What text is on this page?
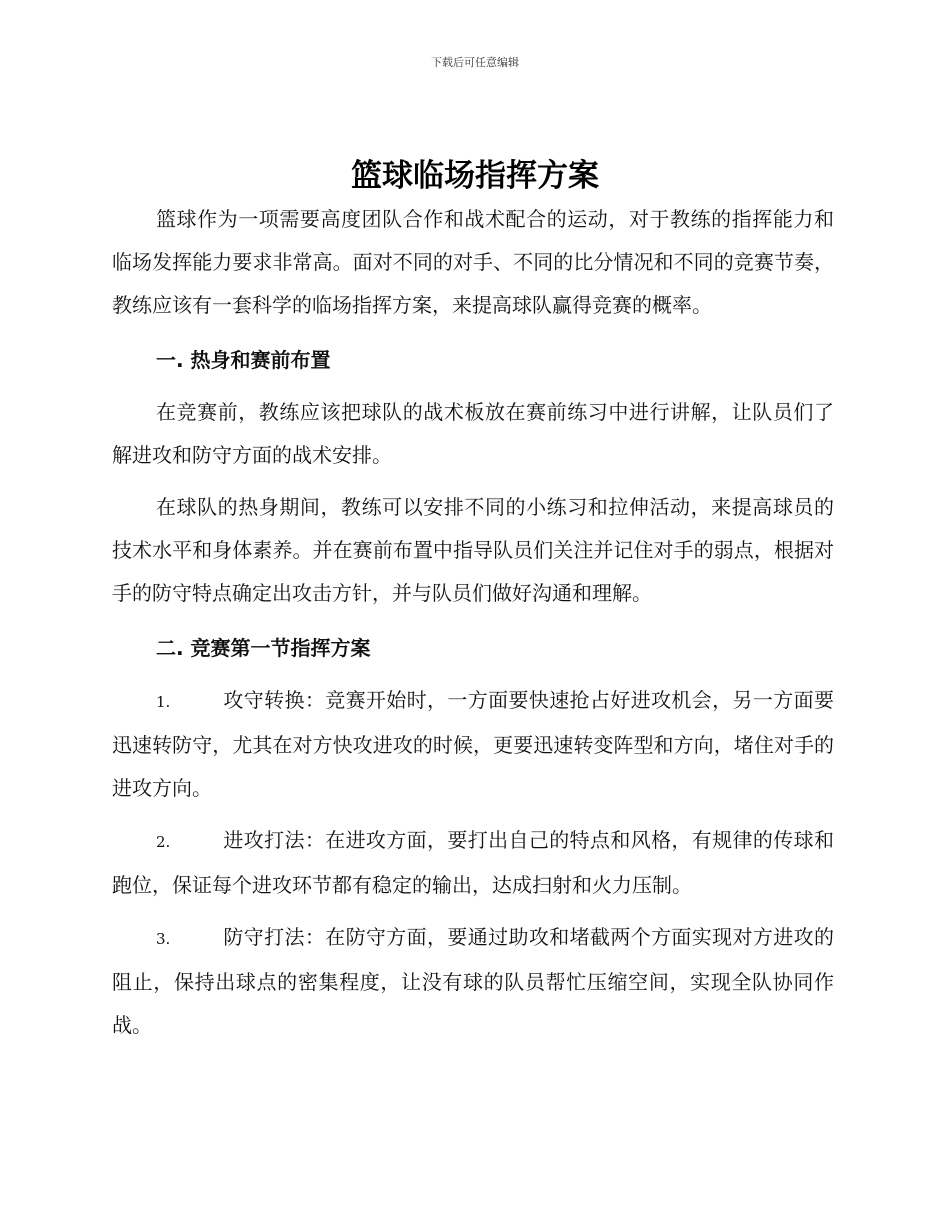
下载后可任意编辑
篮球临场指挥方案

篮球作为一项需要高度团队合作和战术配合的运动，对于教练的指挥能力和临场发挥能力要求非常高。面对不同的对手、不同的比分情况和不同的竞赛节奏，教练应该有一套科学的临场指挥方案，来提高球队赢得竞赛的概率。

一. 热身和赛前布置

在竞赛前，教练应该把球队的战术板放在赛前练习中进行讲解，让队员们了解进攻和防守方面的战术安排。

在球队的热身期间，教练可以安排不同的小练习和拉伸活动，来提高球员的技术水平和身体素养。并在赛前布置中指导队员们关注并记住对手的弱点，根据对手的防守特点确定出攻击方针，并与队员们做好沟通和理解。

二. 竞赛第一节指挥方案

1.	攻守转换：竞赛开始时，一方面要快速抢占好进攻机会，另一方面要迅速转防守，尤其在对方快攻进攻的时候，更要迅速转变阵型和方向，堵住对手的进攻方向。

2.	进攻打法：在进攻方面，要打出自己的特点和风格，有规律的传球和跑位，保证每个进攻环节都有稳定的输出，达成扫射和火力压制。

3.	防守打法：在防守方面，要通过助攻和堵截两个方面实现对方进攻的阻止，保持出球点的密集程度，让没有球的队员帮忙压缩空间，实现全队协同作战。
